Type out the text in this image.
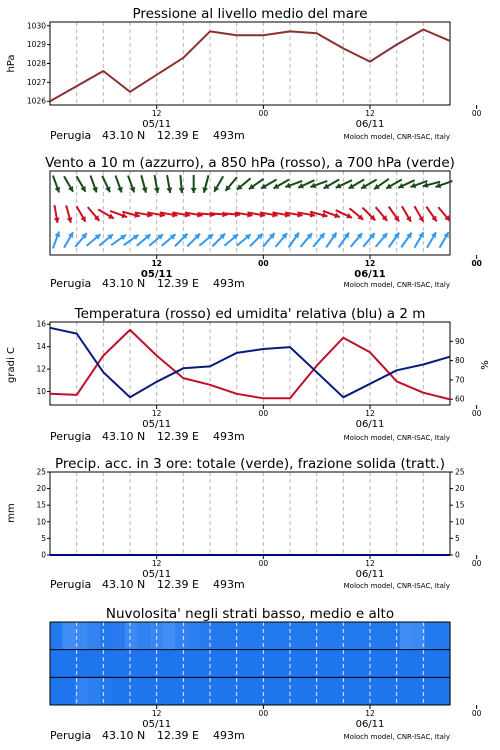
Pressione al livello medio del mare
1026
1027
1028
1029
1030
hPa
12	00	12	00
05/11	06/11
Perugia 43.10 N 12.39 E 493m	Moloch model, CNR-ISAC, Italy
Vento a 10 m (azzurro), a 850 hPa (rosso), a 700 hPa (verde)
12	00	12	00
05/11	06/11
Perugia 43.10 N 12.39 E 493m	Moloch model, CNR-ISAC, Italy
Temperatura (rosso) ed umidita' relativa (blu) a 2 m
10
12
14
16
60
70
80
90
gradi C	%
12	00	12	00
05/11	06/11
Perugia 43.10 N 12.39 E 493m	Moloch model, CNR-ISAC, Italy
Precip. acc. in 3 ore: totale (verde), frazione solida (tratt.)
0	0
5	5
10	10
15	15
20	20
25	25
mm
12	00	12	00
05/11	06/11
Perugia 43.10 N 12.39 E 493m	Moloch model, CNR-ISAC, Italy
Nuvolosita' negli strati basso, medio e alto
12	00	12	00
05/11	06/11
Perugia 43.10 N 12.39 E 493m	Moloch model, CNR-ISAC, Italy
